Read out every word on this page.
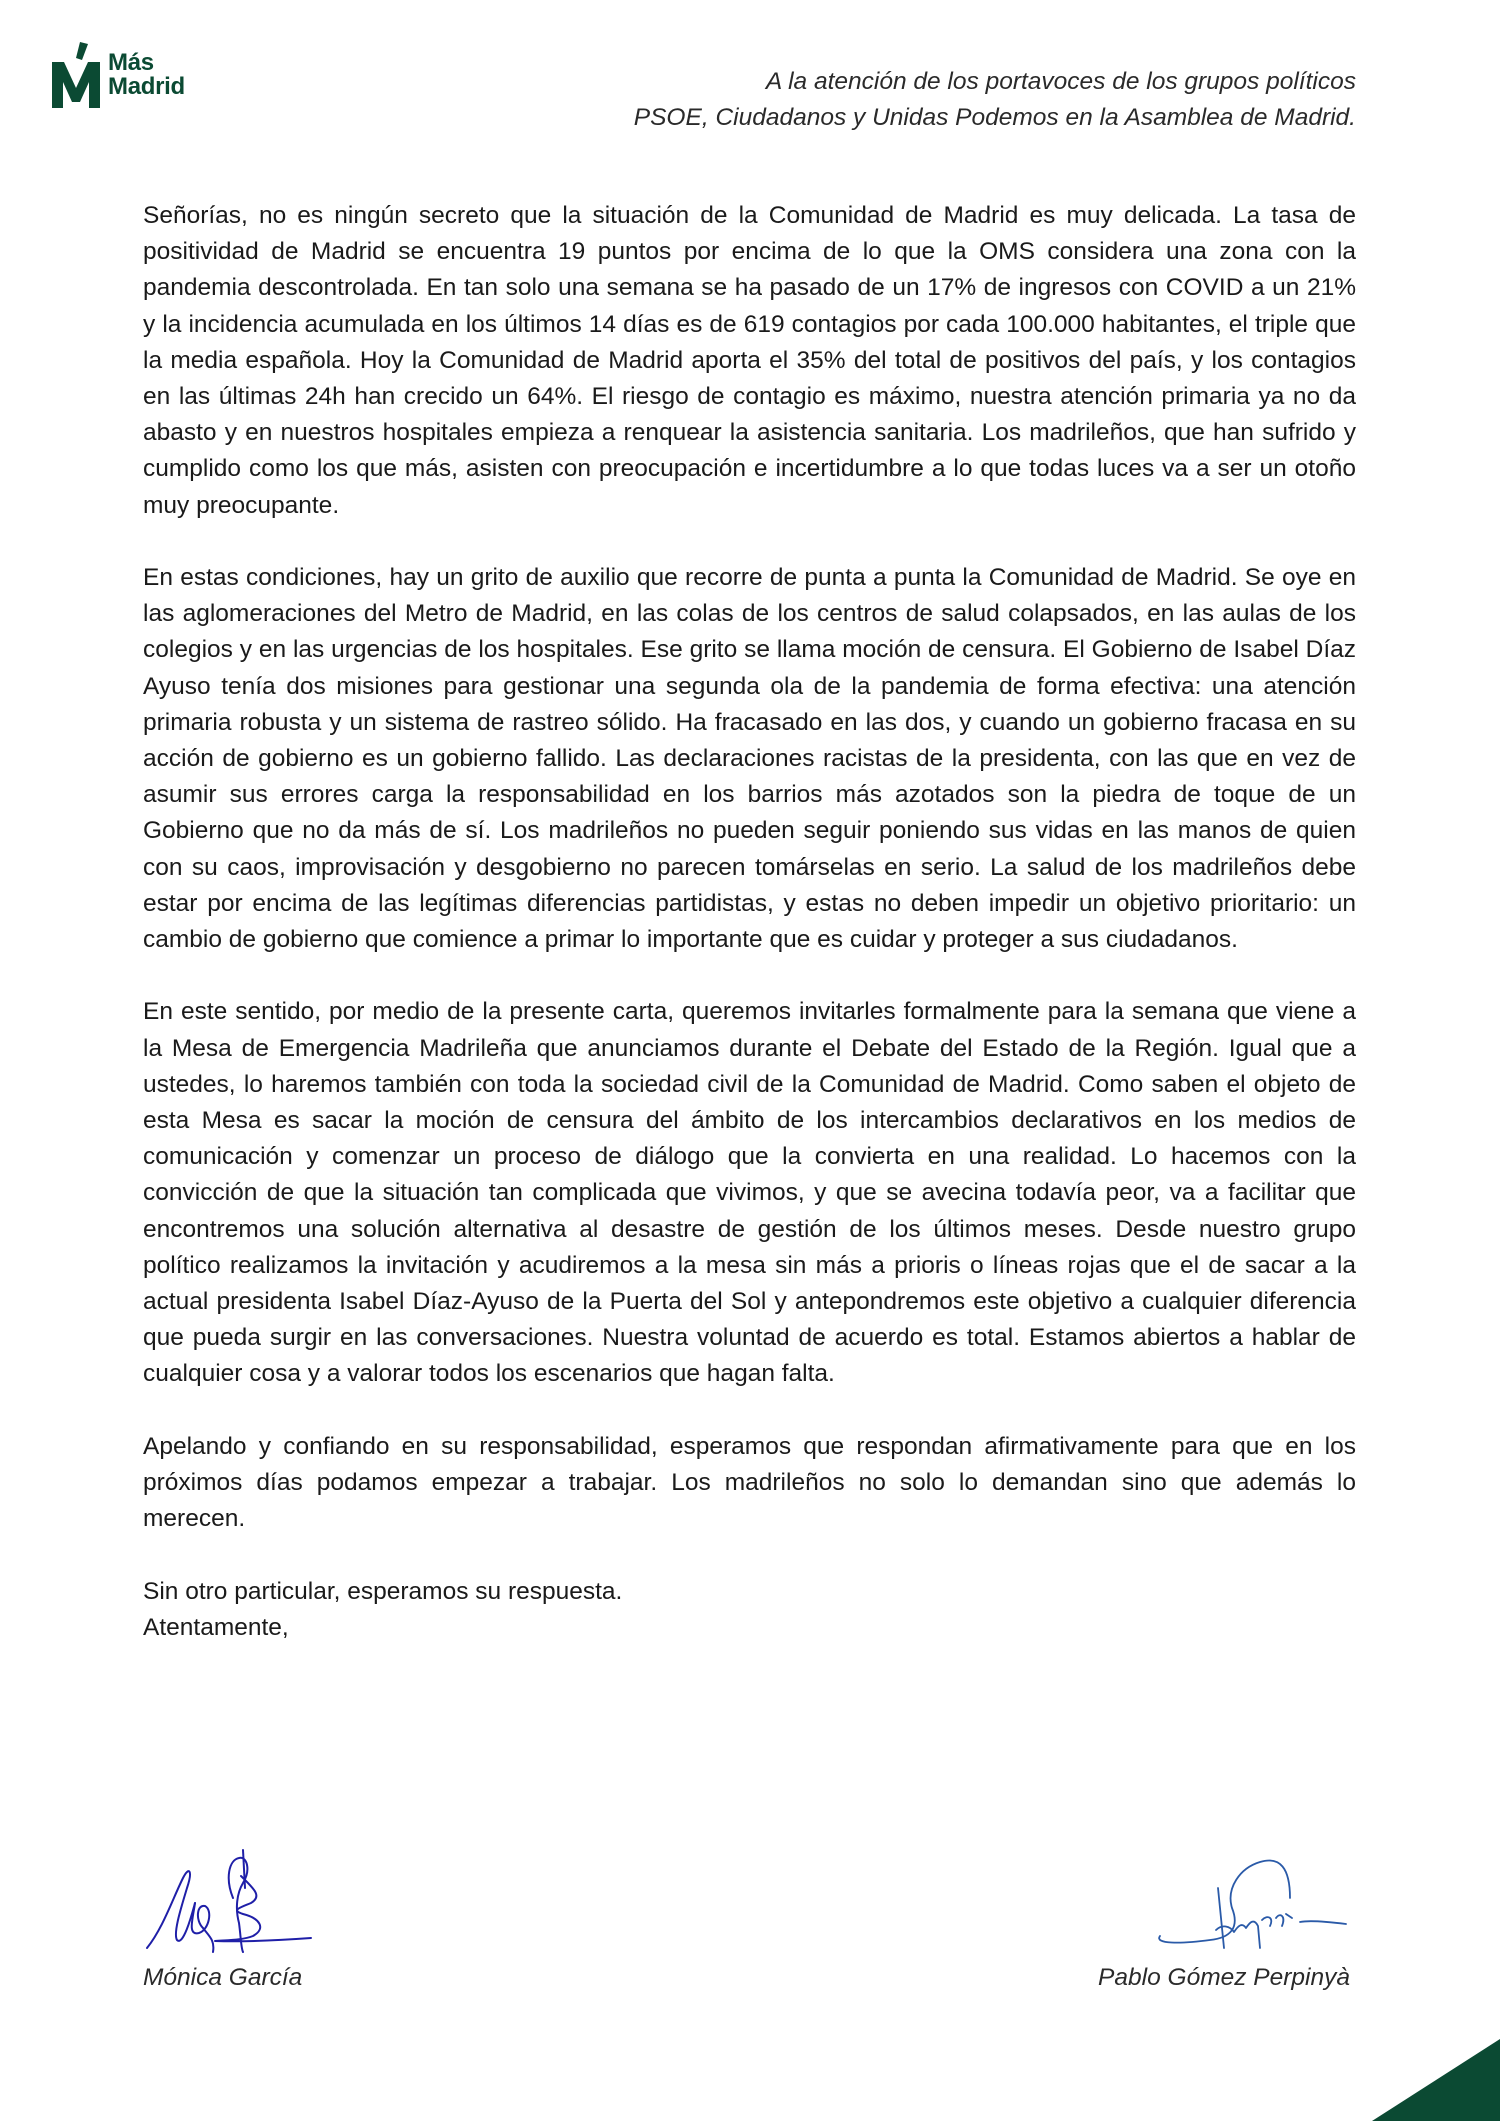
Más
Madrid	A la atención de los portavoces de los grupos políticos
PSOE, Ciudadanos y Unidas Podemos en la Asamblea de Madrid.

Señorías, no es ningún secreto que la situación de la Comunidad de Madrid es muy delicada. La tasa de positividad de Madrid se encuentra 19 puntos por encima de lo que la OMS considera una zona con la pandemia descontrolada. En tan solo una semana se ha pasado de un 17% de ingresos con COVID a un 21% y la incidencia acumulada en los últimos 14 días es de 619 contagios por cada 100.000 habitantes, el triple que la media española. Hoy la Comunidad de Madrid aporta el 35% del total de positivos del país, y los contagios en las últimas 24h han crecido un 64%. El riesgo de contagio es máximo, nuestra atención primaria ya no da abasto y en nuestros hospitales empieza a renquear la asistencia sanitaria. Los madrileños, que han sufrido y cumplido como los que más, asisten con preocupación e incertidumbre a lo que todas luces va a ser un otoño muy preocupante.

En estas condiciones, hay un grito de auxilio que recorre de punta a punta la Comunidad de Madrid. Se oye en las aglomeraciones del Metro de Madrid, en las colas de los centros de salud colapsados, en las aulas de los colegios y en las urgencias de los hospitales. Ese grito se llama moción de censura. El Gobierno de Isabel Díaz Ayuso tenía dos misiones para gestionar una segunda ola de la pandemia de forma efectiva: una atención primaria robusta y un sistema de rastreo sólido. Ha fracasado en las dos, y cuando un gobierno fracasa en su acción de gobierno es un gobierno fallido. Las declaraciones racistas de la presidenta, con las que en vez de asumir sus errores carga la responsabilidad en los barrios más azotados son la piedra de toque de un Gobierno que no da más de sí. Los madrileños no pueden seguir poniendo sus vidas en las manos de quien con su caos, improvisación y desgobierno no parecen tomárselas en serio. La salud de los madrileños debe estar por encima de las legítimas diferencias partidistas, y estas no deben impedir un objetivo prioritario: un cambio de gobierno que comience a primar lo importante que es cuidar y proteger a sus ciudadanos.

En este sentido, por medio de la presente carta, queremos invitarles formalmente para la semana que viene a la Mesa de Emergencia Madrileña que anunciamos durante el Debate del Estado de la Región. Igual que a ustedes, lo haremos también con toda la sociedad civil de la Comunidad de Madrid. Como saben el objeto de esta Mesa es sacar la moción de censura del ámbito de los intercambios declarativos en los medios de comunicación y comenzar un proceso de diálogo que la convierta en una realidad. Lo hacemos con la convicción de que la situación tan complicada que vivimos, y que se avecina todavía peor, va a facilitar que encontremos una solución alternativa al desastre de gestión de los últimos meses. Desde nuestro grupo político realizamos la invitación y acudiremos a la mesa sin más a prioris o líneas rojas que el de sacar a la actual presidenta Isabel Díaz-Ayuso de la Puerta del Sol y antepondremos este objetivo a cualquier diferencia que pueda surgir en las conversaciones. Nuestra voluntad de acuerdo es total. Estamos abiertos a hablar de cualquier cosa y a valorar todos los escenarios que hagan falta.

Apelando y confiando en su responsabilidad, esperamos que respondan afirmativamente para que en los próximos días podamos empezar a trabajar. Los madrileños no solo lo demandan sino que además lo merecen.

Sin otro particular, esperamos su respuesta.
Atentamente,
Mónica García	Pablo Gómez Perpinyà
